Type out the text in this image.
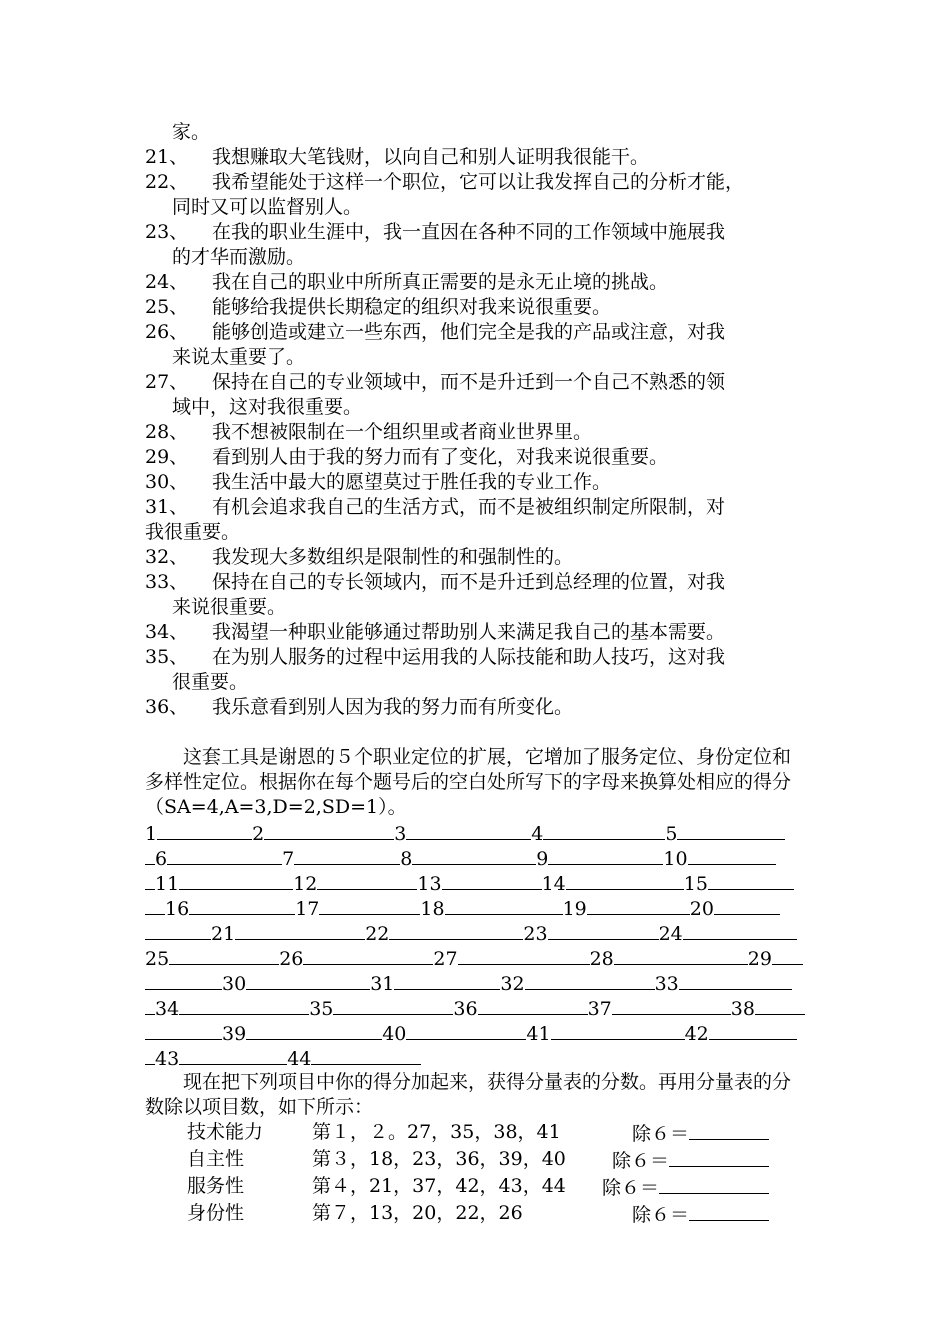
家。
21、	我想赚取大笔钱财，以向自己和别人证明我很能干。
22、	我希望能处于这样一个职位，它可以让我发挥自己的分析才能，
同时又可以监督别人。
23、	在我的职业生涯中，我一直因在各种不同的工作领域中施展我
的才华而激励。
24、	我在自己的职业中所所真正需要的是永无止境的挑战。
25、	能够给我提供长期稳定的组织对我来说很重要。
26、	能够创造或建立一些东西，他们完全是我的产品或注意，对我
来说太重要了。
27、	保持在自己的专业领域中，而不是升迁到一个自己不熟悉的领
域中，这对我很重要。
28、	我不想被限制在一个组织里或者商业世界里。
29、	看到别人由于我的努力而有了变化，对我来说很重要。
30、	我生活中最大的愿望莫过于胜任我的专业工作。
31、	有机会追求我自己的生活方式，而不是被组织制定所限制，对
我很重要。
32、	我发现大多数组织是限制性的和强制性的。
33、	保持在自己的专长领域内，而不是升迁到总经理的位置，对我
来说很重要。
34、	我渴望一种职业能够通过帮助别人来满足我自己的基本需要。
35、	在为别人服务的过程中运用我的人际技能和助人技巧，这对我
很重要。
36、	我乐意看到别人因为我的努力而有所变化。
这套工具是谢恩的５个职业定位的扩展，它增加了服务定位、身份定位和多样性定位。根据你在每个题号后的空白处所写下的字母来换算处相应的得分（SA=4,A=3,D=2,SD=1）。
1	2	3	4	5
6	7	8	9	10
11	12	13	14	15
16	17	18	19	20
21	22	23	24
25	26	27	28	29
30	31	32	33
34	35	36	37	38
39	40	41	42
43	44
现在把下列项目中你的得分加起来，获得分量表的分数。再用分量表的分数除以项目数，如下所示：
技术能力	第１，２。27，35，38，41	除６＝
自主性	第３，18，23，36，39，40	除６＝
服务性	第４，21，37，42，43，44	除６＝
身份性	第７，13，20，22，26	除６＝
